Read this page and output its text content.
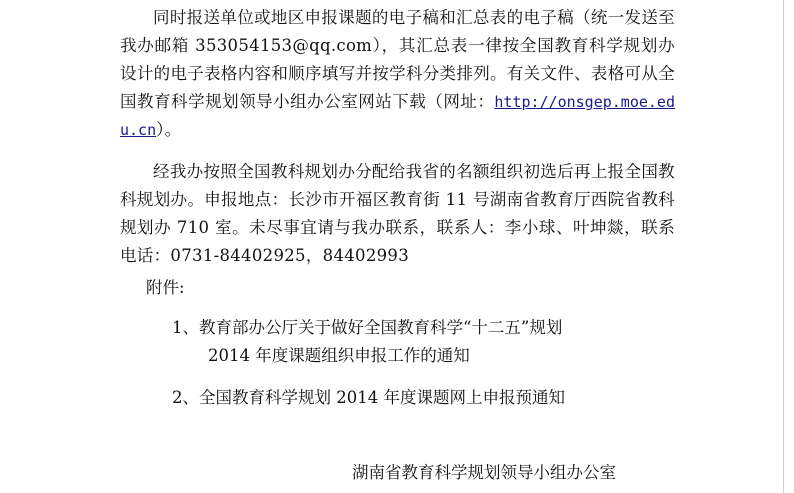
同时报送单位或地区申报课题的电子稿和汇总表的电子稿（统一发送至我办邮箱 353054153@qq.com），其汇总表一律按全国教育科学规划办设计的电子表格内容和顺序填写并按学科分类排列。有关文件、表格可从全国教育科学规划领导小组办公室网站下载（网址：http://onsgep.moe.edu.cn）。

经我办按照全国教科规划办分配给我省的名额组织初选后再上报全国教科规划办。申报地点：长沙市开福区教育街 11 号湖南省教育厅西院省教科规划办 710 室。未尽事宜请与我办联系，联系人：李小球、叶坤燚，联系电话：0731-84402925，84402993

附件:

1、教育部办公厅关于做好全国教育科学“十二五”规划
2014 年度课题组织申报工作的通知
2、全国教育科学规划 2014 年度课题网上申报预通知

湖南省教育科学规划领导小组办公室
